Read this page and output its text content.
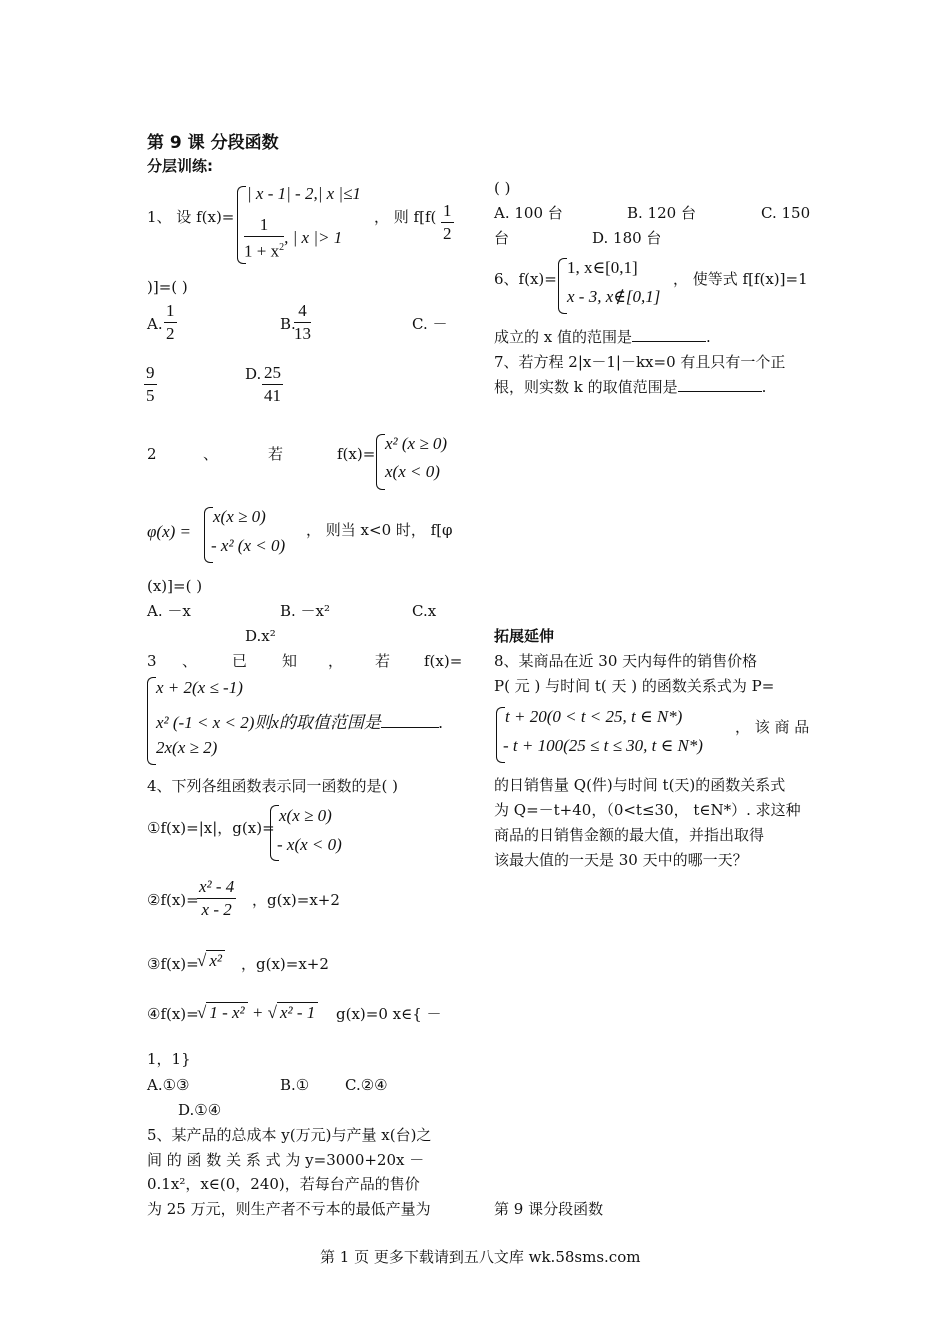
第 9 课 分段函数
分层训练:
1、 设 f(x)=
| x - 1| - 2,| x |≤1
$\frac{1}{1 + x^2}$ , | x |> 1
， 则 $f[f( \frac{1}{2}$
)]=( )
A. $\frac{1}{2}$	B.
$\frac{4}{13}$	C. －
$\frac{9}{5}$	D. $\frac{25}{41}$
2	、	若	f(x)=
x² (x ≥ 0)
x(x < 0)
φ(x) =
x(x ≥ 0)
- x² (x < 0)
， 则当 x<0 时， f[φ
(x)]=( )
A. －x	B. －x²	C.x
D.x²
3 、 已 知 ， 若 f(x)=
x + 2(x ≤ -1)
x² (-1 < x < 2)则x的取值范围是	.
2x(x ≥ 2)
4、下列各组函数表示同一函数的是( )
①f(x)=|x|，g(x)=
x(x ≥ 0)
- x(x < 0)
②f(x)=
$\frac{\text{x² - 4}}{x - 2}$ ，g(x)=x+2
③f(x)=
√ x² ，g(x)=x+2
④f(x)=
√ 1 - x² + √ x² - 1 g(x)=0 x∈{ －
1，1}
A.①③	B.① C.②④
D.①④
5、某产品的总成本 y(万元)与产量 x(台)之
间 的 函 数 关 系 式 为 y=3000+20x －
0.1x²，x∈(0，240)，若每台产品的售价
为 25 万元，则生产者不亏本的最低产量为
( )
A. 100 台	B. 120 台	C. 150
台	D. 180 台
6、f(x)=
1, x∈[0,1]
x - 3, x∉[0,1]
， 使等式 f[f(x)]=1
成立的 x 值的范围是	.
7、若方程 2|x－1|－kx=0 有且只有一个正
根，则实数 k 的取值范围是	.
拓展延伸
8、某商品在近 30 天内每件的销售价格
P( 元 ) 与时间 t( 天 ) 的函数关系式为 P=
t + 20(0 < t < 25, t ∈ N*)
- t + 100(25 ≤ t ≤ 30, t ∈ N*)
， 该 商 品
的日销售量 Q(件)与时间 t(天)的函数关系式
为 Q=－t+40，（0<t≤30， t∈N*）. 求这种
商品的日销售金额的最大值，并指出取得
该最大值的一天是 30 天中的哪一天？
第 9 课分段函数
第 1 页 更多下载请到五八文库 wk.58sms.com
